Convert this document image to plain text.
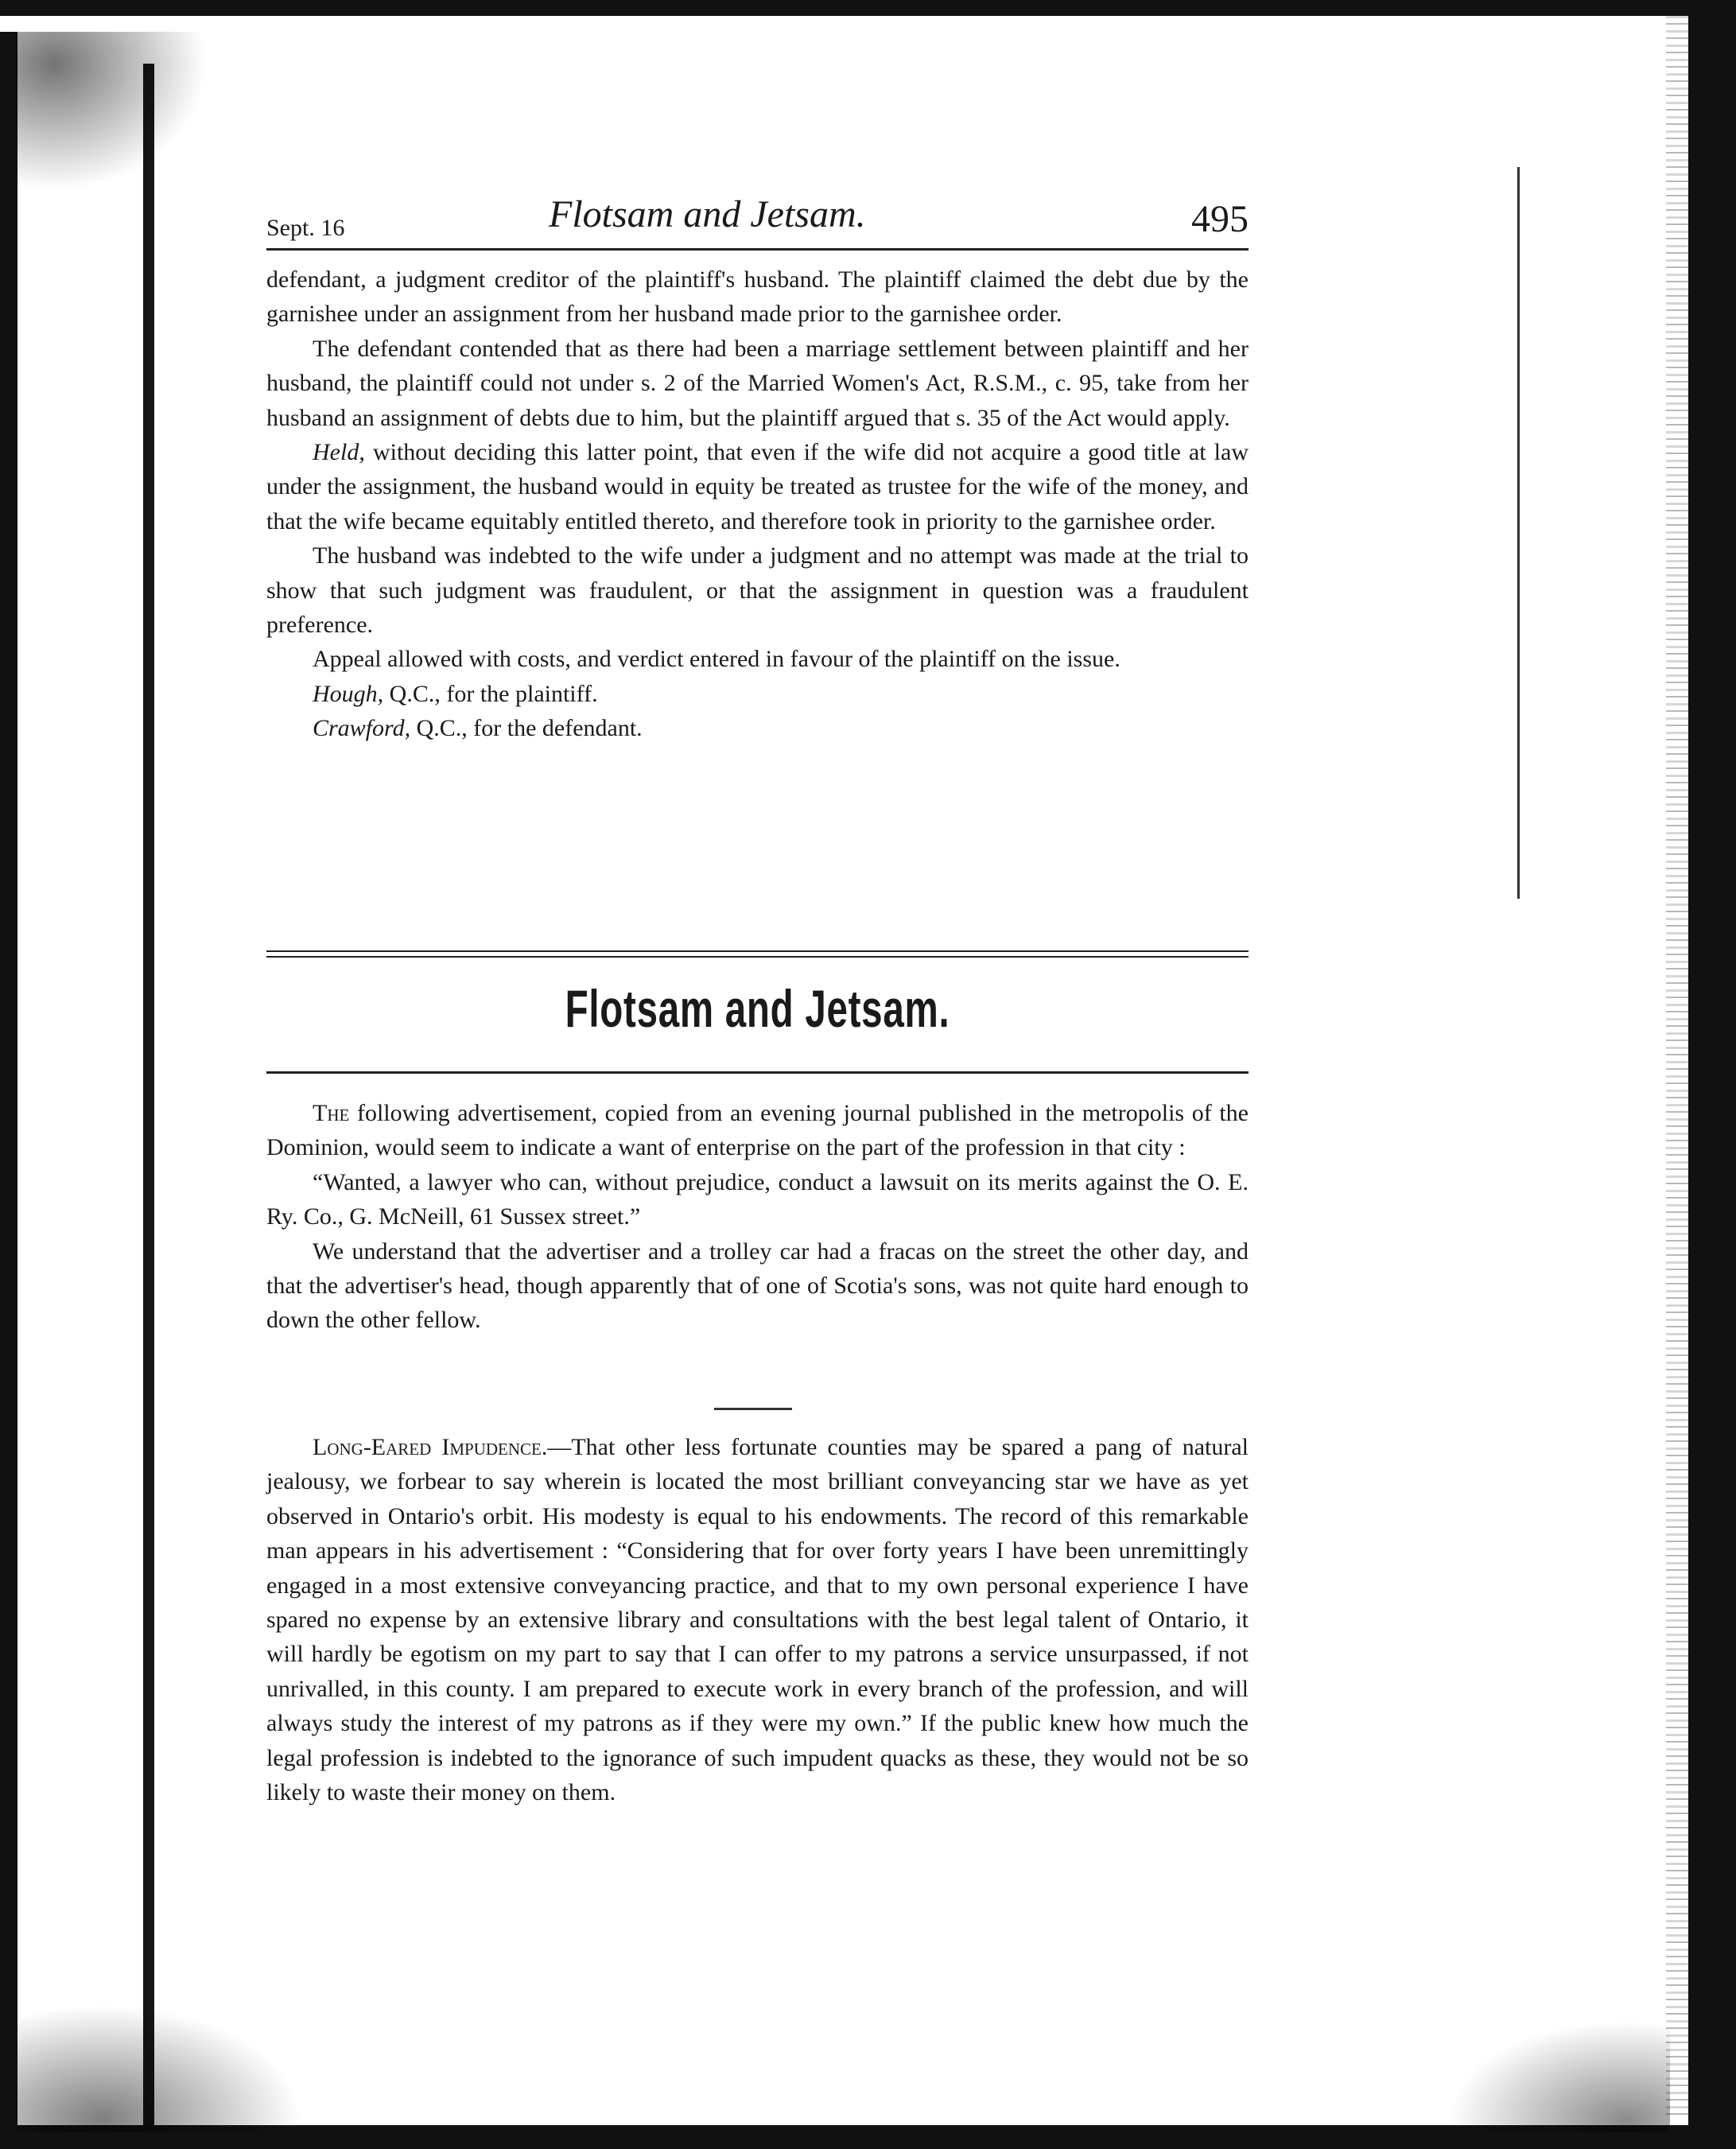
Sept. 16	Flotsam and Jetsam.	495

defendant, a judgment creditor of the plaintiff's husband. The plaintiff claimed the debt due by the garnishee under an assignment from her husband made prior to the garnishee order.

The defendant contended that as there had been a marriage settlement between plaintiff and her husband, the plaintiff could not under s. 2 of the Married Women's Act, R.S.M., c. 95, take from her husband an assignment of debts due to him, but the plaintiff argued that s. 35 of the Act would apply.

Held, without deciding this latter point, that even if the wife did not acquire a good title at law under the assignment, the husband would in equity be treated as trustee for the wife of the money, and that the wife became equitably entitled thereto, and therefore took in priority to the garnishee order.

The husband was indebted to the wife under a judgment and no attempt was made at the trial to show that such judgment was fraudulent, or that the assignment in question was a fraudulent preference.

Appeal allowed with costs, and verdict entered in favour of the plaintiff on the issue.

Hough, Q.C., for the plaintiff.

Crawford, Q.C., for the defendant.

Flotsam and Jetsam.

The following advertisement, copied from an evening journal published in the metropolis of the Dominion, would seem to indicate a want of enterprise on the part of the profession in that city :

“Wanted, a lawyer who can, without prejudice, conduct a lawsuit on its merits against the O. E. Ry. Co., G. McNeill, 61 Sussex street.”

We understand that the advertiser and a trolley car had a fracas on the street the other day, and that the advertiser's head, though apparently that of one of Scotia's sons, was not quite hard enough to down the other fellow.

Long-Eared Impudence.—That other less fortunate counties may be spared a pang of natural jealousy, we forbear to say wherein is located the most brilliant conveyancing star we have as yet observed in Ontario's orbit. His modesty is equal to his endowments. The record of this remarkable man appears in his advertisement : “Considering that for over forty years I have been unremittingly engaged in a most extensive conveyancing practice, and that to my own personal experience I have spared no expense by an extensive library and consultations with the best legal talent of Ontario, it will hardly be egotism on my part to say that I can offer to my patrons a service unsurpassed, if not unrivalled, in this county. I am prepared to execute work in every branch of the profession, and will always study the interest of my patrons as if they were my own.” If the public knew how much the legal profession is indebted to the ignorance of such impudent quacks as these, they would not be so likely to waste their money on them.
